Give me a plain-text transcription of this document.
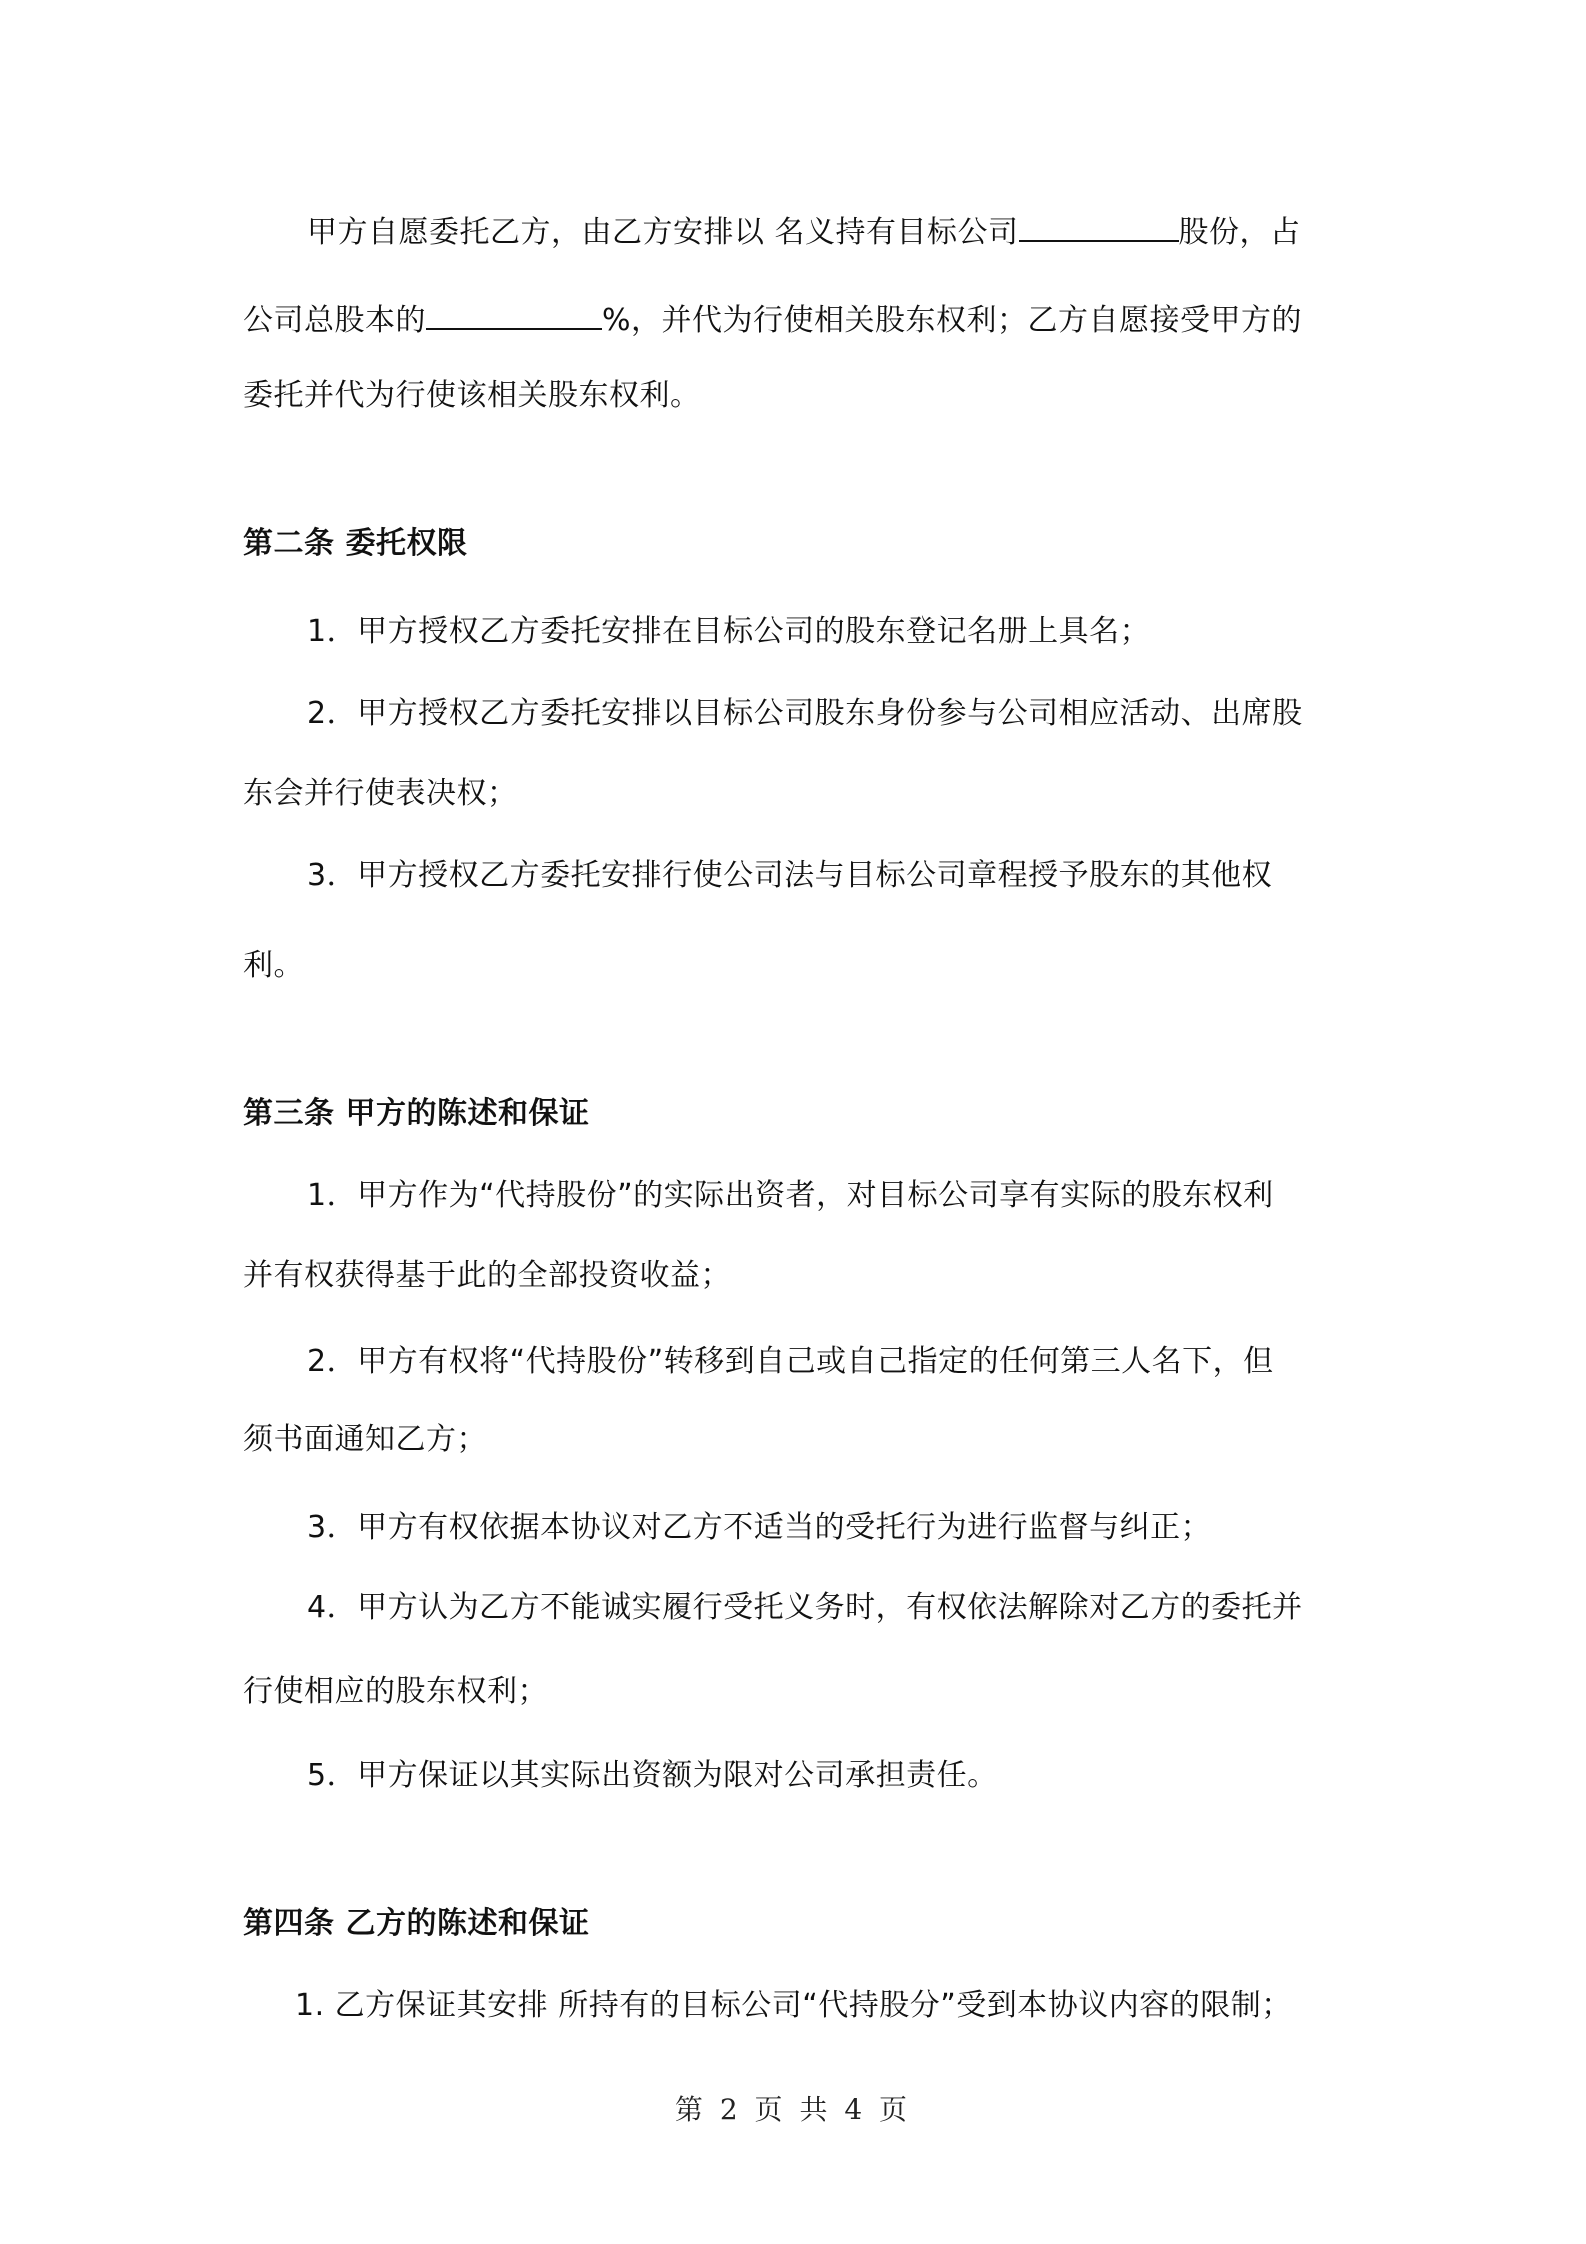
甲方自愿委托乙方，由乙方安排以 名义持有目标公司	股份，占
公司总股本的	%，并代为行使相关股东权利；乙方自愿接受甲方的
委托并代为行使该相关股东权利。
第二条 委托权限
1．甲方授权乙方委托安排在目标公司的股东登记名册上具名；
2．甲方授权乙方委托安排以目标公司股东身份参与公司相应活动、出席股
东会并行使表决权；
3．甲方授权乙方委托安排行使公司法与目标公司章程授予股东的其他权
利。
第三条 甲方的陈述和保证
1．甲方作为“代持股份”的实际出资者，对目标公司享有实际的股东权利
并有权获得基于此的全部投资收益；
2．甲方有权将“代持股份”转移到自己或自己指定的任何第三人名下，但
须书面通知乙方；
3．甲方有权依据本协议对乙方不适当的受托行为进行监督与纠正；
4．甲方认为乙方不能诚实履行受托义务时，有权依法解除对乙方的委托并
行使相应的股东权利；
5．甲方保证以其实际出资额为限对公司承担责任。
第四条 乙方的陈述和保证
1. 乙方保证其安排 所持有的目标公司“代持股分”受到本协议内容的限制；
第 2 页 共 4 页
